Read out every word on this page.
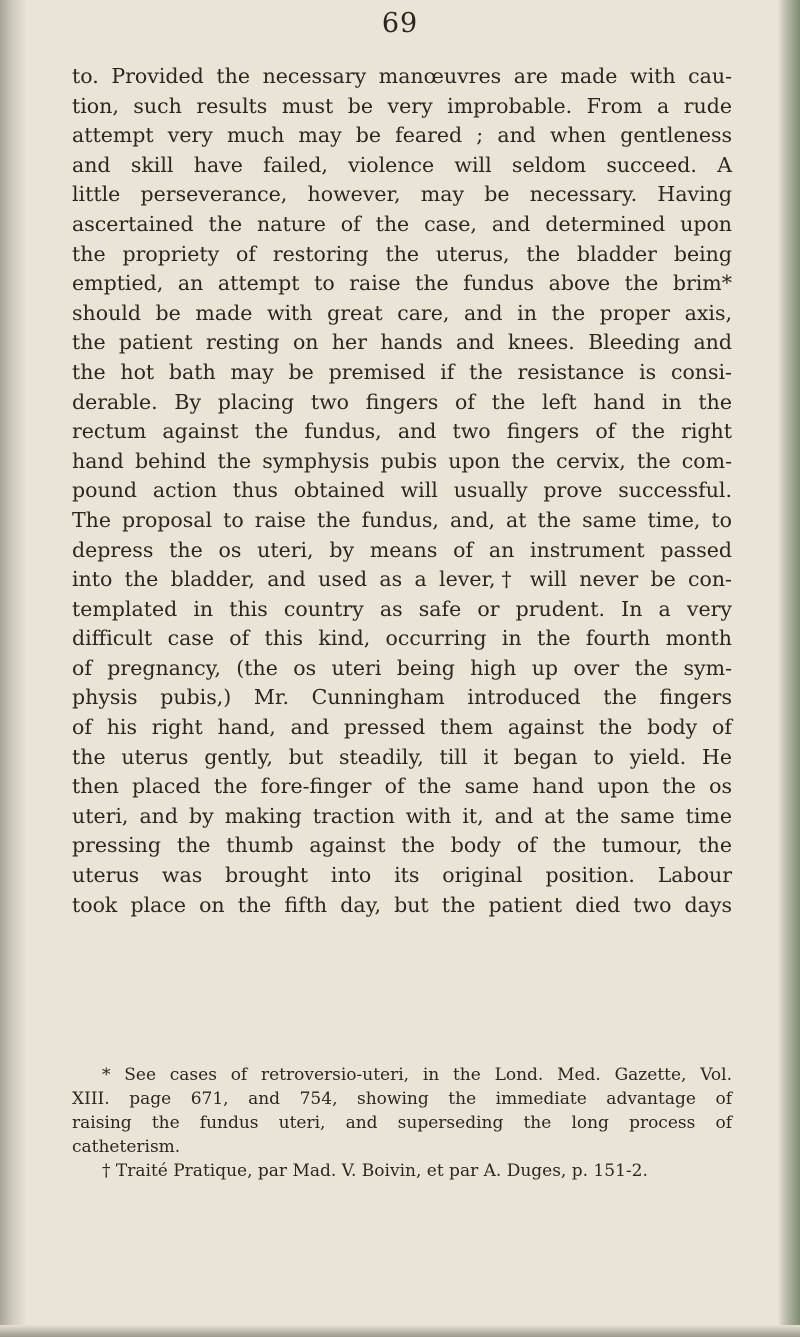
69
to. Provided the necessary manœuvres are made with cau-
tion, such results must be very improbable. From a rude
attempt very much may be feared ; and when gentleness
and skill have failed, violence will seldom succeed. A
little perseverance, however, may be necessary. Having
ascertained the nature of the case, and determined upon
the propriety of restoring the uterus, the bladder being
emptied, an attempt to raise the fundus above the brim*
should be made with great care, and in the proper axis,
the patient resting on her hands and knees. Bleeding and
the hot bath may be premised if the resistance is consi-
derable. By placing two fingers of the left hand in the
rectum against the fundus, and two fingers of the right
hand behind the symphysis pubis upon the cervix, the com-
pound action thus obtained will usually prove successful.
The proposal to raise the fundus, and, at the same time, to
depress the os uteri, by means of an instrument passed
into the bladder, and used as a lever,† will never be con-
templated in this country as safe or prudent. In a very
difficult case of this kind, occurring in the fourth month
of pregnancy, (the os uteri being high up over the sym-
physis pubis,) Mr. Cunningham introduced the fingers
of his right hand, and pressed them against the body of
the uterus gently, but steadily, till it began to yield. He
then placed the fore-finger of the same hand upon the os
uteri, and by making traction with it, and at the same time
pressing the thumb against the body of the tumour, the
uterus was brought into its original position. Labour
took place on the fifth day, but the patient died two days
* See cases of retroversio-uteri, in the Lond. Med. Gazette, Vol.
XIII. page 671, and 754, showing the immediate advantage of
raising the fundus uteri, and superseding the long process of
catheterism.
† Traité Pratique, par Mad. V. Boivin, et par A. Duges, p. 151-2.
